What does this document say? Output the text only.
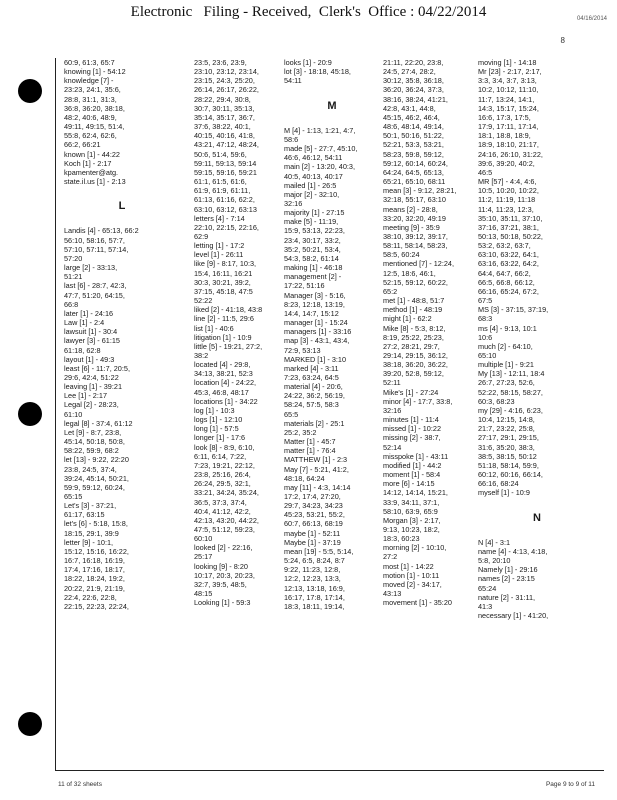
Electronic   Filing - Received,  Clerk's  Office : 04/22/2014	04/16/2014
8
60:9, 61:3, 65:7
knowing [1] - 54:12
knowledge [7] -
23:23, 24:1, 35:6,
28:8, 31:1, 31:3,
36:8, 36:20, 38:18,
48:2, 40:6, 48:9,
49:11, 49:15, 51:4,
55:8, 62:4, 62:6,
66:2, 66:21
known [1] - 44:22
Koch [1] - 2:17
kpamenter@atg.
state.il.us [1] - 2:13
L
Landis [4] - 65:13, 66:2
56:10, 58:16, 57:7,
57:10, 57:11, 57:14,
57:20
large [2] - 33:13,
51:21
last [6] - 28:7, 42:3,
47:7, 51:20, 64:15,
66:8
later [1] - 24:16
Law [1] - 2:4
lawsuit [1] - 30:4
lawyer [3] - 61:15
61:18, 62:8
layout [1] - 49:3
least [6] - 11:7, 20:5,
29:6, 42:4, 51:22
leaving [1] - 39:21
Lee [1] - 2:17
Legal [2] - 28:23,
61:10
legal [8] - 37:4, 61:12
Let [9] - 8:7, 23:8,
45:14, 50:18, 50:8,
58:22, 59:9, 68:2
let [13] - 9:22, 22:20
23:8, 24:5, 37:4,
39:24, 45:14, 50:21,
59:9, 59:12, 60:24,
65:15
Let's [3] - 37:21,
61:17, 63:15
let's [6] - 5:18, 15:8,
18:15, 29:1, 39:9
letter [9] - 10:1,
15:12, 15:16, 16:22,
16:7, 16:18, 16:19,
17:4, 17:16, 18:17,
18:22, 18:24, 19:2,
20:22, 21:9, 21:19,
22:4, 22:6, 22:8,
22:15, 22:23, 22:24,
23:5, 23:6, 23:9,
23:10, 23:12, 23:14,
23:15, 24:3, 25:20,
26:14, 26:17, 26:22,
28:22, 29:4, 30:8,
30:7, 30:11, 35:13,
35:14, 35:17, 36:7,
37:6, 38:22, 40:1,
40:15, 40:16, 41:8,
43:21, 47:12, 48:24,
50:6, 51:4, 59:6,
59:11, 59:13, 59:14
59:15, 59:16, 59:21
61:1, 61:5, 61:6,
61:9, 61:9, 61:11,
61:13, 61:16, 62:2,
63:10, 63:12, 63:13
letters [4] - 7:14
22:10, 22:15, 22:16,
62:9
letting [1] - 17:2
level [1] - 26:11
like [9] - 8:17, 10:3,
15:4, 16:11, 16:21
30:3, 30:21, 39:2,
37:15, 45:18, 47:5
52:22
liked [2] - 41:18, 43:8
line [2] - 11:5, 29:6
list [1] - 40:6
litigation [1] - 10:9
little [5] - 19:21, 27:2,
38:2
located [4] - 29:8,
34:13, 38:21, 52:3
location [4] - 24:22,
45:3, 46:8, 48:17
locations [1] - 34:22
log [1] - 10:3
logs [1] - 12:10
long [1] - 57:5
longer [1] - 17:6
look [8] - 8:9, 6:10,
6:11, 6:14, 7:22,
7:23, 19:21, 22:12,
23:8, 25:16, 26:4,
26:24, 29:5, 32:1,
33:21, 34:24, 35:24,
36:5, 37:3, 37:4,
40:4, 41:12, 42:2,
42:13, 43:20, 44:22,
47:5, 51:12, 59:23,
60:10
looked [2] - 22:16,
25:17
looking [9] - 8:20
10:17, 20:3, 20:23,
32:7, 39:5, 48:5,
48:15
Looking [1] - 59:3
looks [1] - 20:9
lot [3] - 18:18, 45:18,
54:11
M
M [4] - 1:13, 1:21, 4:7,
58:6
made [5] - 27:7, 45:10,
46:6, 46:12, 54:11
main [2] - 13:20, 40:3,
40:5, 40:13, 40:17
mailed [1] - 26:5
major [2] - 32:10,
32:16
majority [1] - 27:15
make [5] - 11:19,
15:9, 53:13, 22:23,
23:4, 30:17, 33:2,
35:2, 50:21, 53:4,
54:3, 58:2, 61:14
making [1] - 46:18
management [2] -
17:22, 51:16
Manager [3] - 5:16,
8:23, 12:18, 13:19,
14:4, 14:7, 15:12
manager [1] - 15:24
managers [1] - 33:16
map [3] - 43:1, 43:4,
72:9, 53:13
MARKED [1] - 3:10
marked [4] - 3:11
7:23, 63:24, 64:5
material [4] - 20:6,
24:22, 36:2, 56:19,
58:24, 57:5, 58:3
65:5
materials [2] - 25:1
25:2, 35:2
Matter [1] - 45:7
matter [1] - 76:4
MATTHEW [1] - 2:3
May [7] - 5:21, 41:2,
48:18, 64:24
may [11] - 4:3, 14:14
17:2, 17:4, 27:20,
29:7, 34:23, 34:23
45:23, 53:21, 55:2,
60:7, 66:13, 68:19
maybe [1] - 52:11
Maybe [1] - 37:19
mean [19] - 5:5, 5:14,
5:24, 6:5, 8:24, 8:7
9:22, 11:23, 12:8,
12:2, 12:23, 13:3,
12:13, 13:18, 16:9,
16:17, 17:8, 17:14,
18:3, 18:11, 19:14,
21:11, 22:20, 23:8,
24:5, 27:4, 28:2,
30:12, 35:8, 36:18,
36:20, 36:24, 37:3,
38:16, 38:24, 41:21,
42:8, 43:1, 44:8,
45:15, 46:2, 46:4,
48:6, 48:14, 49:14,
50:1, 50:16, 51:22,
52:21, 53:3, 53:21,
58:23, 59:8, 59:12,
59:12, 60:14, 60:24,
64:24, 64:5, 65:13,
65:21, 65:10, 68:11
mean [3] - 9:12, 28:21,
32:18, 55:17, 63:10
means [2] - 28:8,
33:20, 32:20, 49:19
meeting [9] - 35:9
38:10, 39:12, 39:17,
58:11, 58:14, 58:23,
58:5, 60:24
mentioned [7] - 12:24,
12:5, 18:6, 46:1,
52:15, 59:12, 60:22,
65:2
met [1] - 48:8, 51:7
method [1] - 48:19
might [1] - 62:2
Mike [8] - 5:3, 8:12,
8:19, 25:22, 25:23,
27:2, 28:21, 29:7,
29:14, 29:15, 36:12,
38:18, 36:20, 36:22,
39:20, 52:8, 59:12,
52:11
Mike's [1] - 27:24
minor [4] - 17:7, 33:8,
32:16
minutes [1] - 11:4
missed [1] - 10:22
missing [2] - 38:7,
52:14
misspoke [1] - 43:11
modified [1] - 44:2
moment [1] - 58:4
more [6] - 14:15
14:12, 14:14, 15:21,
33:9, 34:11, 37:1,
58:10, 63:9, 65:9
Morgan [3] - 2:17,
9:13, 10:23, 18:2,
18:3, 60:23
morning [2] - 10:10,
27:2
most [1] - 14:22
motion [1] - 10:11
moved [2] - 34:17,
43:13
movement [1] - 35:20
moving [1] - 14:18
Mr [23] - 2:17, 2:17,
3:3, 3:4, 3:7, 3:13,
10:2, 10:12, 11:10,
11:7, 13:24, 14:1,
14:3, 15:17, 15:24,
16:6, 17:3, 17:5,
17:9, 17:11, 17:14,
18:1, 18:8, 18:9,
18:9, 18:10, 21:17,
24:16, 26:10, 31:22,
39:6, 39:20, 40:2,
46:5
MR [57] - 4:4, 4:6,
10:5, 10:20, 10:22,
11:2, 11:19, 11:18
11:4, 11:23, 12:3,
35:10, 35:11, 37:10,
37:16, 37:21, 38:1,
50:13, 50:18, 50:22,
53:2, 63:2, 63:7,
63:10, 63:22, 64:1,
63:16, 63:22, 64:2,
64:4, 64:7, 66:2,
66:5, 66:8, 66:12,
66:16, 65:24, 67:2,
67:5
MS [3] - 37:15, 37:19,
68:3
ms [4] - 9:13, 10:1
10:6
much [2] - 64:10,
65:10
multiple [1] - 9:21
My [13] - 12:11, 18:4
26:7, 27:23, 52:6,
52:22, 58:15, 58:27,
60:3, 68:23
my [29] - 4:16, 6:23,
10:4, 12:15, 14:8,
21:7, 23:22, 25:8,
27:17, 29:1, 29:15,
31:6, 35:20, 38:3,
38:5, 38:15, 50:12
51:18, 58:14, 59:9,
60:12, 60:16, 66:14,
66:16, 68:24
myself [1] - 10:9
N
N [4] - 3:1
name [4] - 4:13, 4:18,
5:8, 20:10
Namely [1] - 29:16
names [2] - 23:15
65:24
nature [2] - 31:11,
41:3
necessary [1] - 41:20,
11 of 32 sheets	Page 9 to 9 of 11
